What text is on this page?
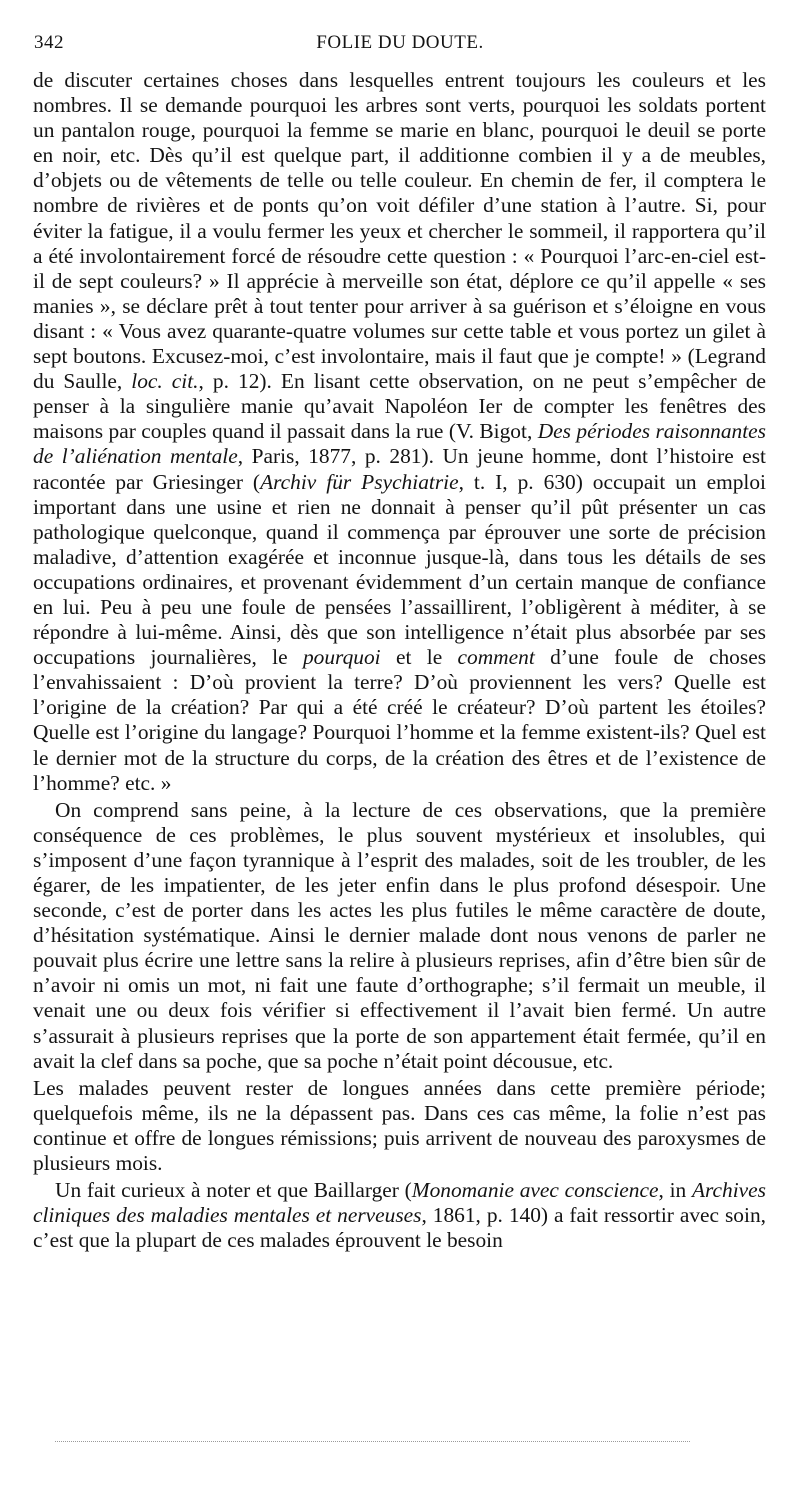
342	FOLIE DU DOUTE.

de discuter certaines choses dans lesquelles entrent toujours les couleurs et les nombres. Il se demande pourquoi les arbres sont verts, pourquoi les soldats portent un pantalon rouge, pourquoi la femme se marie en blanc, pourquoi le deuil se porte en noir, etc. Dès qu’il est quelque part, il additionne combien il y a de meubles, d’objets ou de vêtements de telle ou telle couleur. En chemin de fer, il comptera le nombre de rivières et de ponts qu’on voit défiler d’une station à l’autre. Si, pour éviter la fatigue, il a voulu fermer les yeux et chercher le sommeil, il rapportera qu’il a été involontairement forcé de résoudre cette question : « Pourquoi l’arc-en-ciel est-il de sept couleurs? » Il apprécie à merveille son état, déplore ce qu’il appelle « ses manies », se déclare prêt à tout tenter pour arriver à sa guérison et s’éloigne en vous disant : « Vous avez quarante-quatre volumes sur cette table et vous portez un gilet à sept boutons. Excusez-moi, c’est involontaire, mais il faut que je compte! » (Legrand du Saulle, loc. cit., p. 12). En lisant cette observation, on ne peut s’empêcher de penser à la singulière manie qu’avait Napoléon Ier de compter les fenêtres des maisons par couples quand il passait dans la rue (V. Bigot, Des périodes raisonnantes de l’aliénation mentale, Paris, 1877, p. 281). Un jeune homme, dont l’histoire est racontée par Griesinger (Archiv für Psychiatrie, t. I, p. 630) occupait un emploi important dans une usine et rien ne donnait à penser qu’il pût présenter un cas pathologique quelconque, quand il commença par éprouver une sorte de précision maladive, d’attention exagérée et inconnue jusque-là, dans tous les détails de ses occupations ordinaires, et provenant évidemment d’un certain manque de confiance en lui. Peu à peu une foule de pensées l’assaillirent, l’obligèrent à méditer, à se répondre à lui-même. Ainsi, dès que son intelligence n’était plus absorbée par ses occupations journalières, le pourquoi et le comment d’une foule de choses l’envahissaient : D’où provient la terre? D’où proviennent les vers? Quelle est l’origine de la création? Par qui a été créé le créateur? D’où partent les étoiles? Quelle est l’origine du langage? Pourquoi l’homme et la femme existent-ils? Quel est le dernier mot de la structure du corps, de la création des êtres et de l’existence de l’homme? etc. »

On comprend sans peine, à la lecture de ces observations, que la première conséquence de ces problèmes, le plus souvent mystérieux et insolubles, qui s’imposent d’une façon tyrannique à l’esprit des malades, soit de les troubler, de les égarer, de les impatienter, de les jeter enfin dans le plus profond désespoir. Une seconde, c’est de porter dans les actes les plus futiles le même caractère de doute, d’hésitation systématique. Ainsi le dernier malade dont nous venons de parler ne pouvait plus écrire une lettre sans la relire à plusieurs reprises, afin d’être bien sûr de n’avoir ni omis un mot, ni fait une faute d’orthographe; s’il fermait un meuble, il venait une ou deux fois vérifier si effectivement il l’avait bien fermé. Un autre s’assurait à plusieurs reprises que la porte de son appartement était fermée, qu’il en avait la clef dans sa poche, que sa poche n’était point décousue, etc.

Les malades peuvent rester de longues années dans cette première période; quelquefois même, ils ne la dépassent pas. Dans ces cas même, la folie n’est pas continue et offre de longues rémissions; puis arrivent de nouveau des paroxysmes de plusieurs mois.

Un fait curieux à noter et que Baillarger (Monomanie avec conscience, in Archives cliniques des maladies mentales et nerveuses, 1861, p. 140) a fait ressortir avec soin, c’est que la plupart de ces malades éprouvent le besoin
